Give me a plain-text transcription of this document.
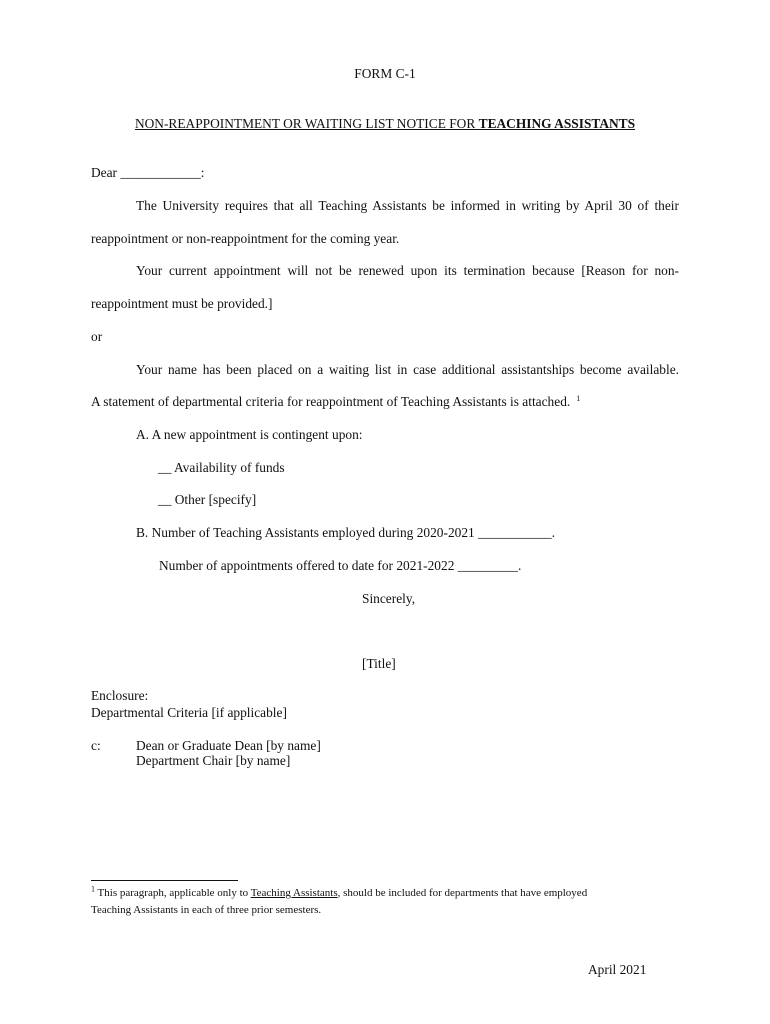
FORM C-1
NON-REAPPOINTMENT OR WAITING LIST NOTICE FOR TEACHING ASSISTANTS
Dear ____________:
The University requires that all Teaching Assistants be informed in writing by April 30 of their
reappointment or non-reappointment for the coming year.
Your current appointment will not be renewed upon its termination because [Reason for non-
reappointment must be provided.]
or
Your name has been placed on a waiting list in case additional assistantships become available.
A statement of departmental criteria for reappointment of Teaching Assistants is attached. $^1$
A. A new appointment is contingent upon:
__ Availability of funds
__ Other [specify]
B. Number of Teaching Assistants employed during 2020-2021 ___________.
Number of appointments offered to date for 2021-2022 _________.
Sincerely,
[Title]
Enclosure:
Departmental Criteria [if applicable]
c:	Dean or Graduate Dean [by name]
Department Chair [by name]
$^1$ This paragraph, applicable only to Teaching Assistants, should be included for departments that have employed
Teaching Assistants in each of three prior semesters.
April 2021
